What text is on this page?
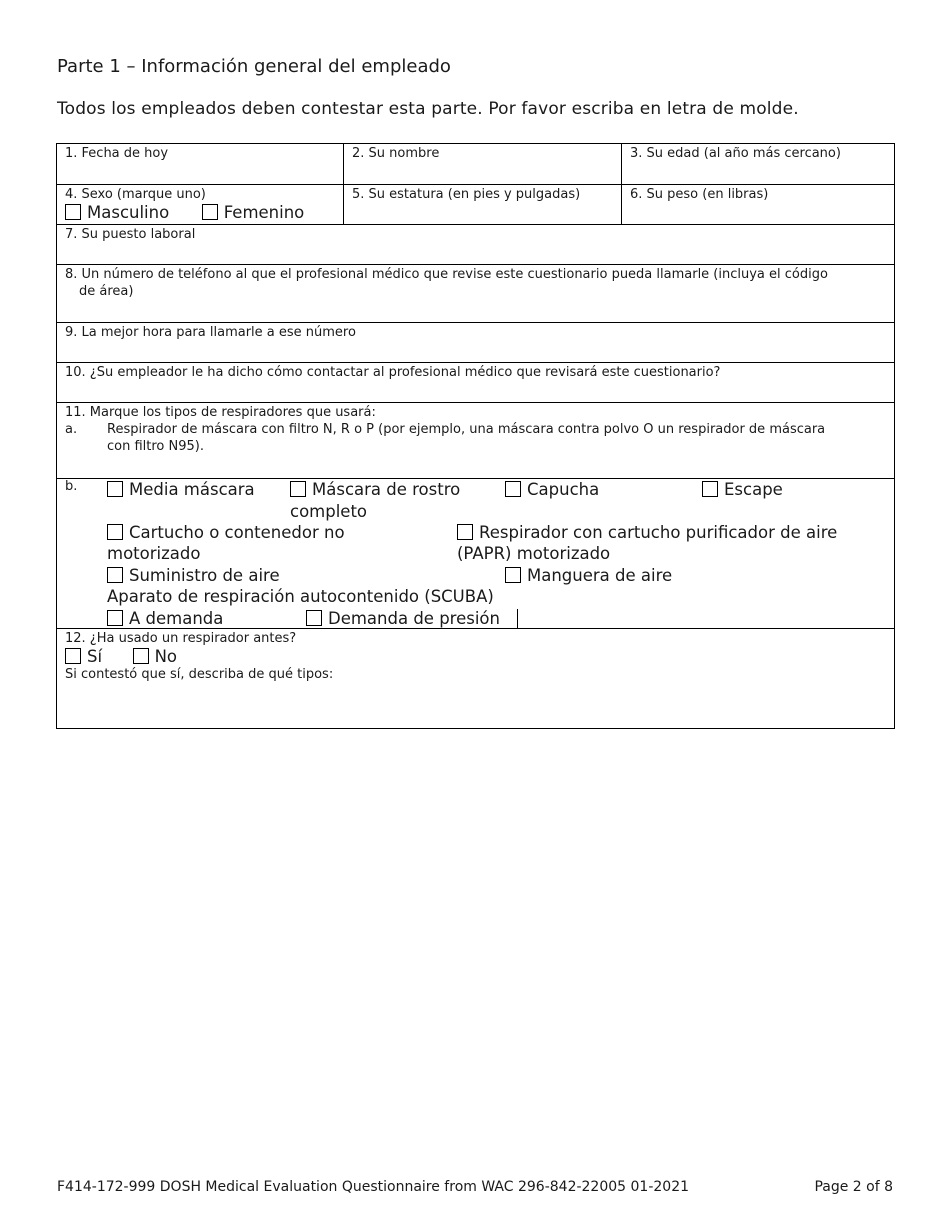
Parte 1 – Información general del empleado
Todos los empleados deben contestar esta parte. Por favor escriba en letra de molde.
1. Fecha de hoy	2. Su nombre	3. Su edad (al año más cercano)
4. Sexo (marque uno)
Masculino	Femenino
5. Su estatura (en pies y pulgadas)	6. Su peso (en libras)
7. Su puesto laboral
8. Un número de teléfono al que el profesional médico que revise este cuestionario pueda llamarle (incluya el código
de área)
9. La mejor hora para llamarle a ese número
10. ¿Su empleador le ha dicho cómo contactar al profesional médico que revisará este cuestionario?
11. Marque los tipos de respiradores que usará:
a. Respirador de máscara con filtro N, R o P (por ejemplo, una máscara contra polvo O un respirador de máscara
con filtro N95).
b.	Media máscara	Máscara de rostro
completo
Capucha	Escape
Cartucho o contenedor no
motorizado
Respirador con cartucho purificador de aire
(PAPR) motorizado
Suministro de aire	Manguera de aire
Aparato de respiración autocontenido (SCUBA)
A demanda	Demanda de presión
12. ¿Ha usado un respirador antes?
Sí	No
Si contestó que sí, describa de qué tipos:
F414-172-999 DOSH Medical Evaluation Questionnaire from WAC 296-842-22005 01-2021	Page 2 of 8
